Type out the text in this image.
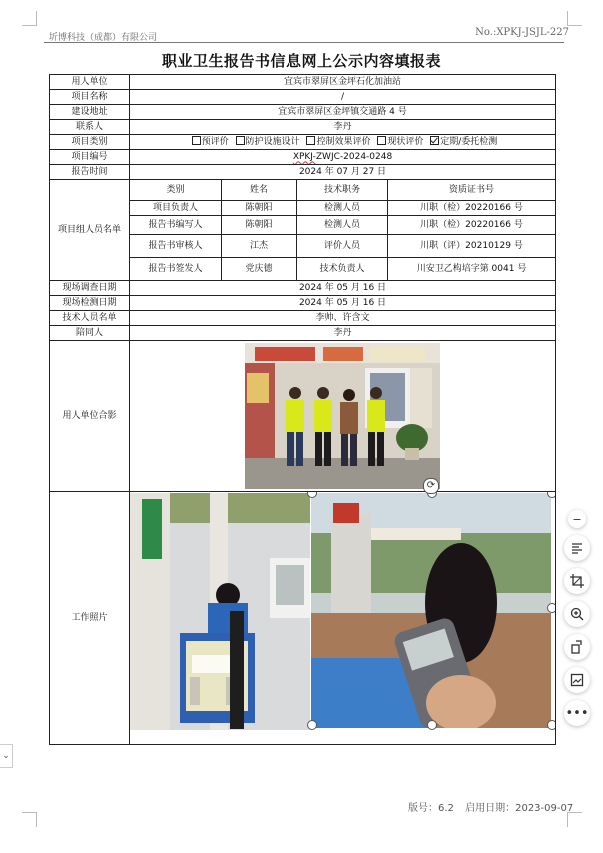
圻博科技（成都）有限公司	No.:XPKJ-JSJL-227
职业卫生报告书信息网上公示内容填报表
用人单位	宜宾市翠屏区金坪石化加油站			
项目名称	/			
建设地址	宜宾市翠屏区金坪镇交通路 4 号			
联系人	李丹			
项目类别	预评价 防护设施设计 控制效果评价 现状评价 定期/委托检测			
项目编号	XPKJ-ZWJC-2024-0248			
报告时间	2024 年 07 月 27 日			
项目组人员名单	类别	姓名	技术职务	资质证书号
	项目负责人	陈朝阳	检测人员	川职（检）20220166 号
	报告书编写人	陈朝阳	检测人员	川职（检）20220166 号
	报告书审核人	江杰	评价人员	川职（评）20210129 号
	报告书签发人	党庆德	技术负责人	川安卫乙构培字第 0041 号
现场调查日期	2024 年 05 月 16 日			
现场检测日期	2024 年 05 月 16 日			
技术人员名单	李帅、许含文			
陪同人	李丹			
用人单位合影	

工作照片	
⟳
版号：6.2 启用日期：2023-09-07
⌄
−
•••
